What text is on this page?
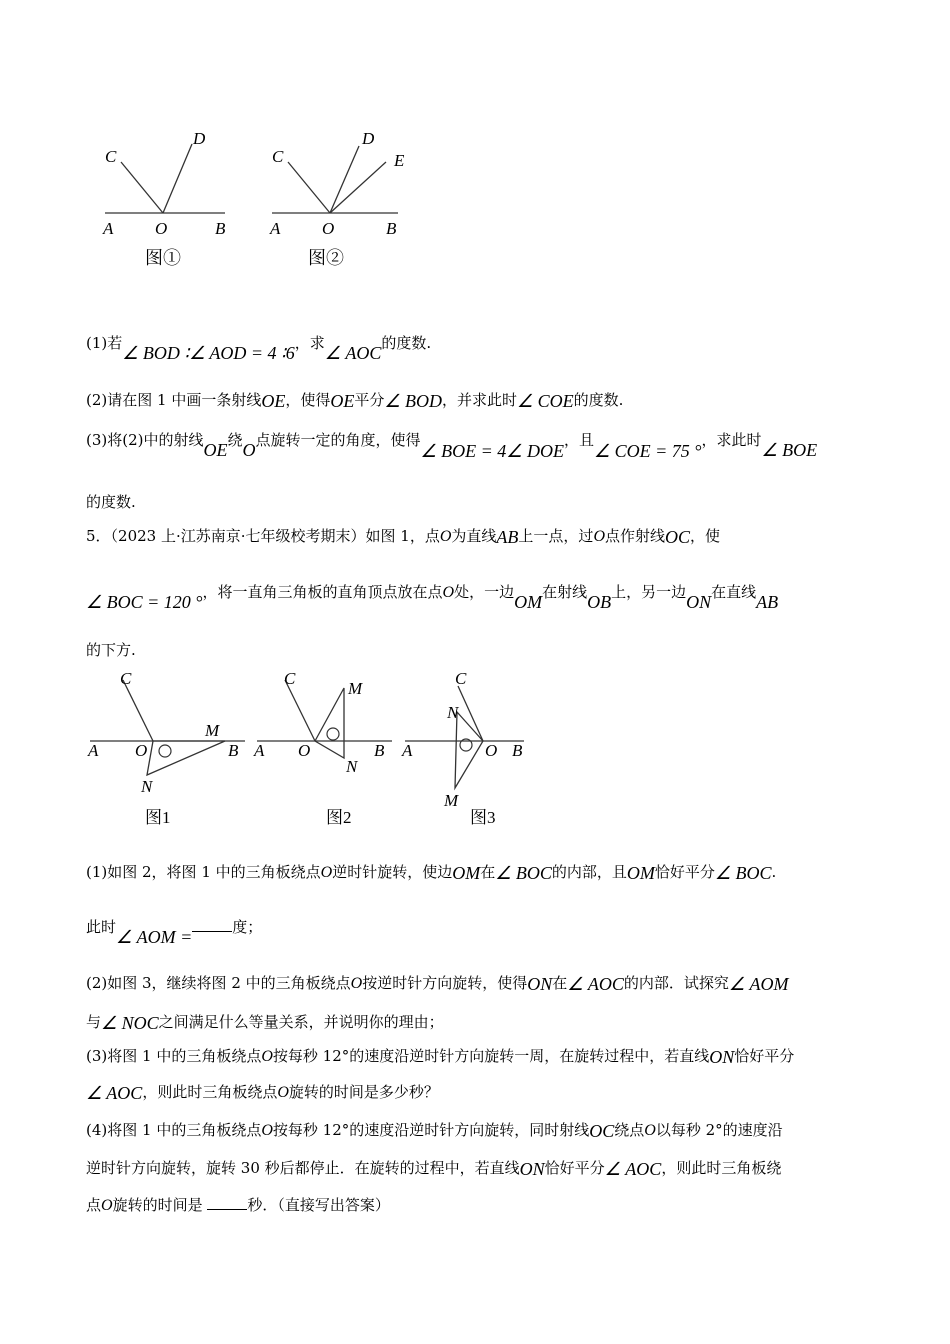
C
D
A O	B
图①
C
D
E
A O	B
图②
(1)若∠ BOD ∶∠ AOD = 4 ∶6，求∠ AOC的度数.
(2)请在图 1 中画一条射线OE，使得OE平分∠ BOD，并求此时∠ COE的度数.
(3)将(2)中的射线OE绕O点旋转一定的角度，使得∠ BOE = 4∠ DOE，且∠ COE = 75 °，求此时∠ BOE
的度数.
5．（2023 上·江苏南京·七年级校考期末）如图 1，点O为直线AB上一点，过O点作射线OC，使
∠ BOC = 120 °，将一直角三角板的直角顶点放在点O处，一边OM在射线OB上，另一边ON在直线AB
的下方.
C
A O
M
B
N
图1
C
M
A O	B
N
图2
C
N
A	O B
M
图3
(1)如图 2，将图 1 中的三角板绕点O逆时针旋转，使边OM在∠ BOC的内部，且OM恰好平分∠ BOC.
此时∠ AOM =	度；
(2)如图 3，继续将图 2 中的三角板绕点O按逆时针方向旋转，使得ON在∠ AOC的内部．试探究∠ AOM
与∠ NOC之间满足什么等量关系，并说明你的理由；
(3)将图 1 中的三角板绕点O按每秒 12°的速度沿逆时针方向旋转一周，在旋转过程中，若直线ON恰好平分
∠ AOC，则此时三角板绕点O旋转的时间是多少秒？
(4)将图 1 中的三角板绕点O按每秒 12°的速度沿逆时针方向旋转，同时射线OC绕点O以每秒 2°的速度沿
逆时针方向旋转，旋转 30 秒后都停止．在旋转的过程中，若直线ON恰好平分∠ AOC，则此时三角板绕
点O旋转的时间是	秒．（直接写出答案）
